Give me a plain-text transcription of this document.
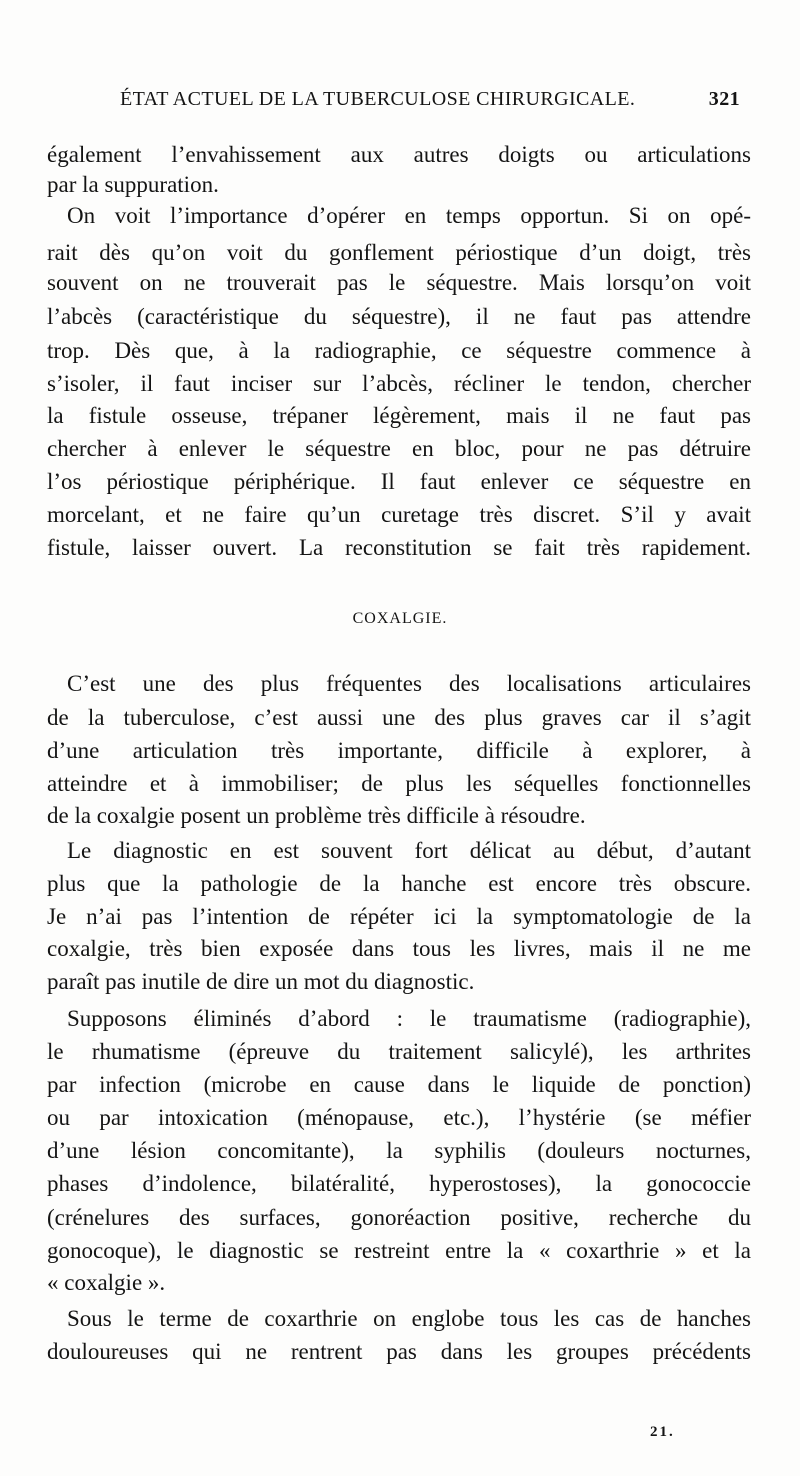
ÉTAT ACTUEL DE LA TUBERCULOSE CHIRURGICALE.	321
également l’envahissement aux autres doigts ou articulations
par la suppuration.
On voit l’importance d’opérer en temps opportun. Si on opé-
rait dès qu’on voit du gonflement périostique d’un doigt, très
souvent on ne trouverait pas le séquestre. Mais lorsqu’on voit
l’abcès (caractéristique du séquestre), il ne faut pas attendre
trop. Dès que, à la radiographie, ce séquestre commence à
s’isoler, il faut inciser sur l’abcès, récliner le tendon, chercher
la fistule osseuse, trépaner légèrement, mais il ne faut pas
chercher à enlever le séquestre en bloc, pour ne pas détruire
l’os périostique périphérique. Il faut enlever ce séquestre en
morcelant, et ne faire qu’un curetage très discret. S’il y avait
fistule, laisser ouvert. La reconstitution se fait très rapidement.
COXALGIE.
C’est une des plus fréquentes des localisations articulaires
de la tuberculose, c’est aussi une des plus graves car il s’agit
d’une articulation très importante, difficile à explorer, à
atteindre et à immobiliser; de plus les séquelles fonctionnelles
de la coxalgie posent un problème très difficile à résoudre.
Le diagnostic en est souvent fort délicat au début, d’autant
plus que la pathologie de la hanche est encore très obscure.
Je n’ai pas l’intention de répéter ici la symptomatologie de la
coxalgie, très bien exposée dans tous les livres, mais il ne me
paraît pas inutile de dire un mot du diagnostic.
Supposons éliminés d’abord : le traumatisme (radiographie),
le rhumatisme (épreuve du traitement salicylé), les arthrites
par infection (microbe en cause dans le liquide de ponction)
ou par intoxication (ménopause, etc.), l’hystérie (se méfier
d’une lésion concomitante), la syphilis (douleurs nocturnes,
phases d’indolence, bilatéralité, hyperostoses), la gonococcie
(crénelures des surfaces, gonoréaction positive, recherche du
gonocoque), le diagnostic se restreint entre la « coxarthrie » et la
« coxalgie ».
Sous le terme de coxarthrie on englobe tous les cas de hanches
douloureuses qui ne rentrent pas dans les groupes précédents
21.
